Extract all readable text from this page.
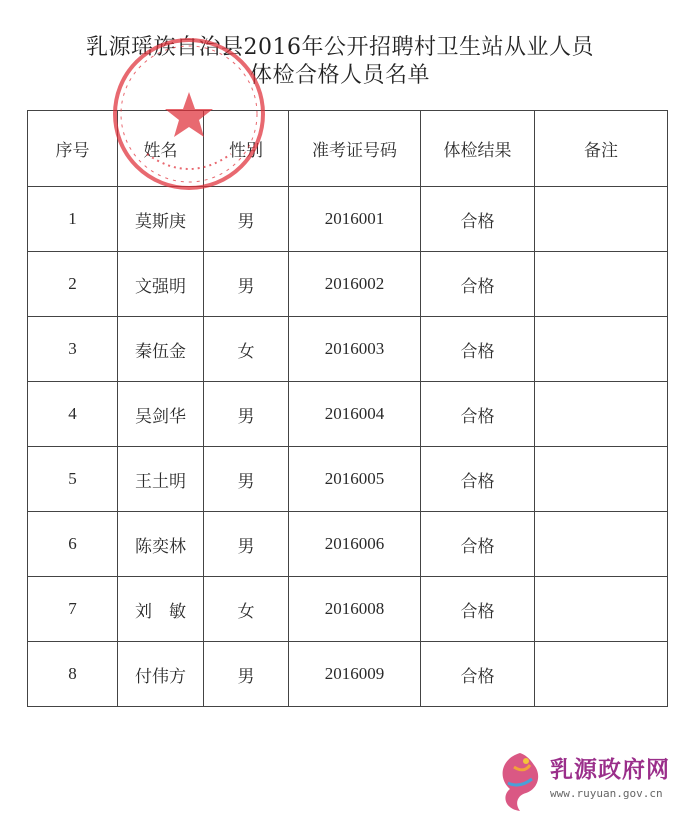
乳源瑶族自治县2016年公开招聘村卫生站从业人员
体检合格人员名单
序号	姓名	性别	准考证号码	体检结果	备注
1	莫斯庚	男	2016001	合格	
2	文强明	男	2016002	合格	
3	秦伍金	女	2016003	合格	
4	吴剑华	男	2016004	合格	
5	王土明	男	2016005	合格	
6	陈奕林	男	2016006	合格	
7	刘　敏	女	2016008	合格	
8	付伟方	男	2016009	合格	
乳源政府网
www.ruyuan.gov.cn
